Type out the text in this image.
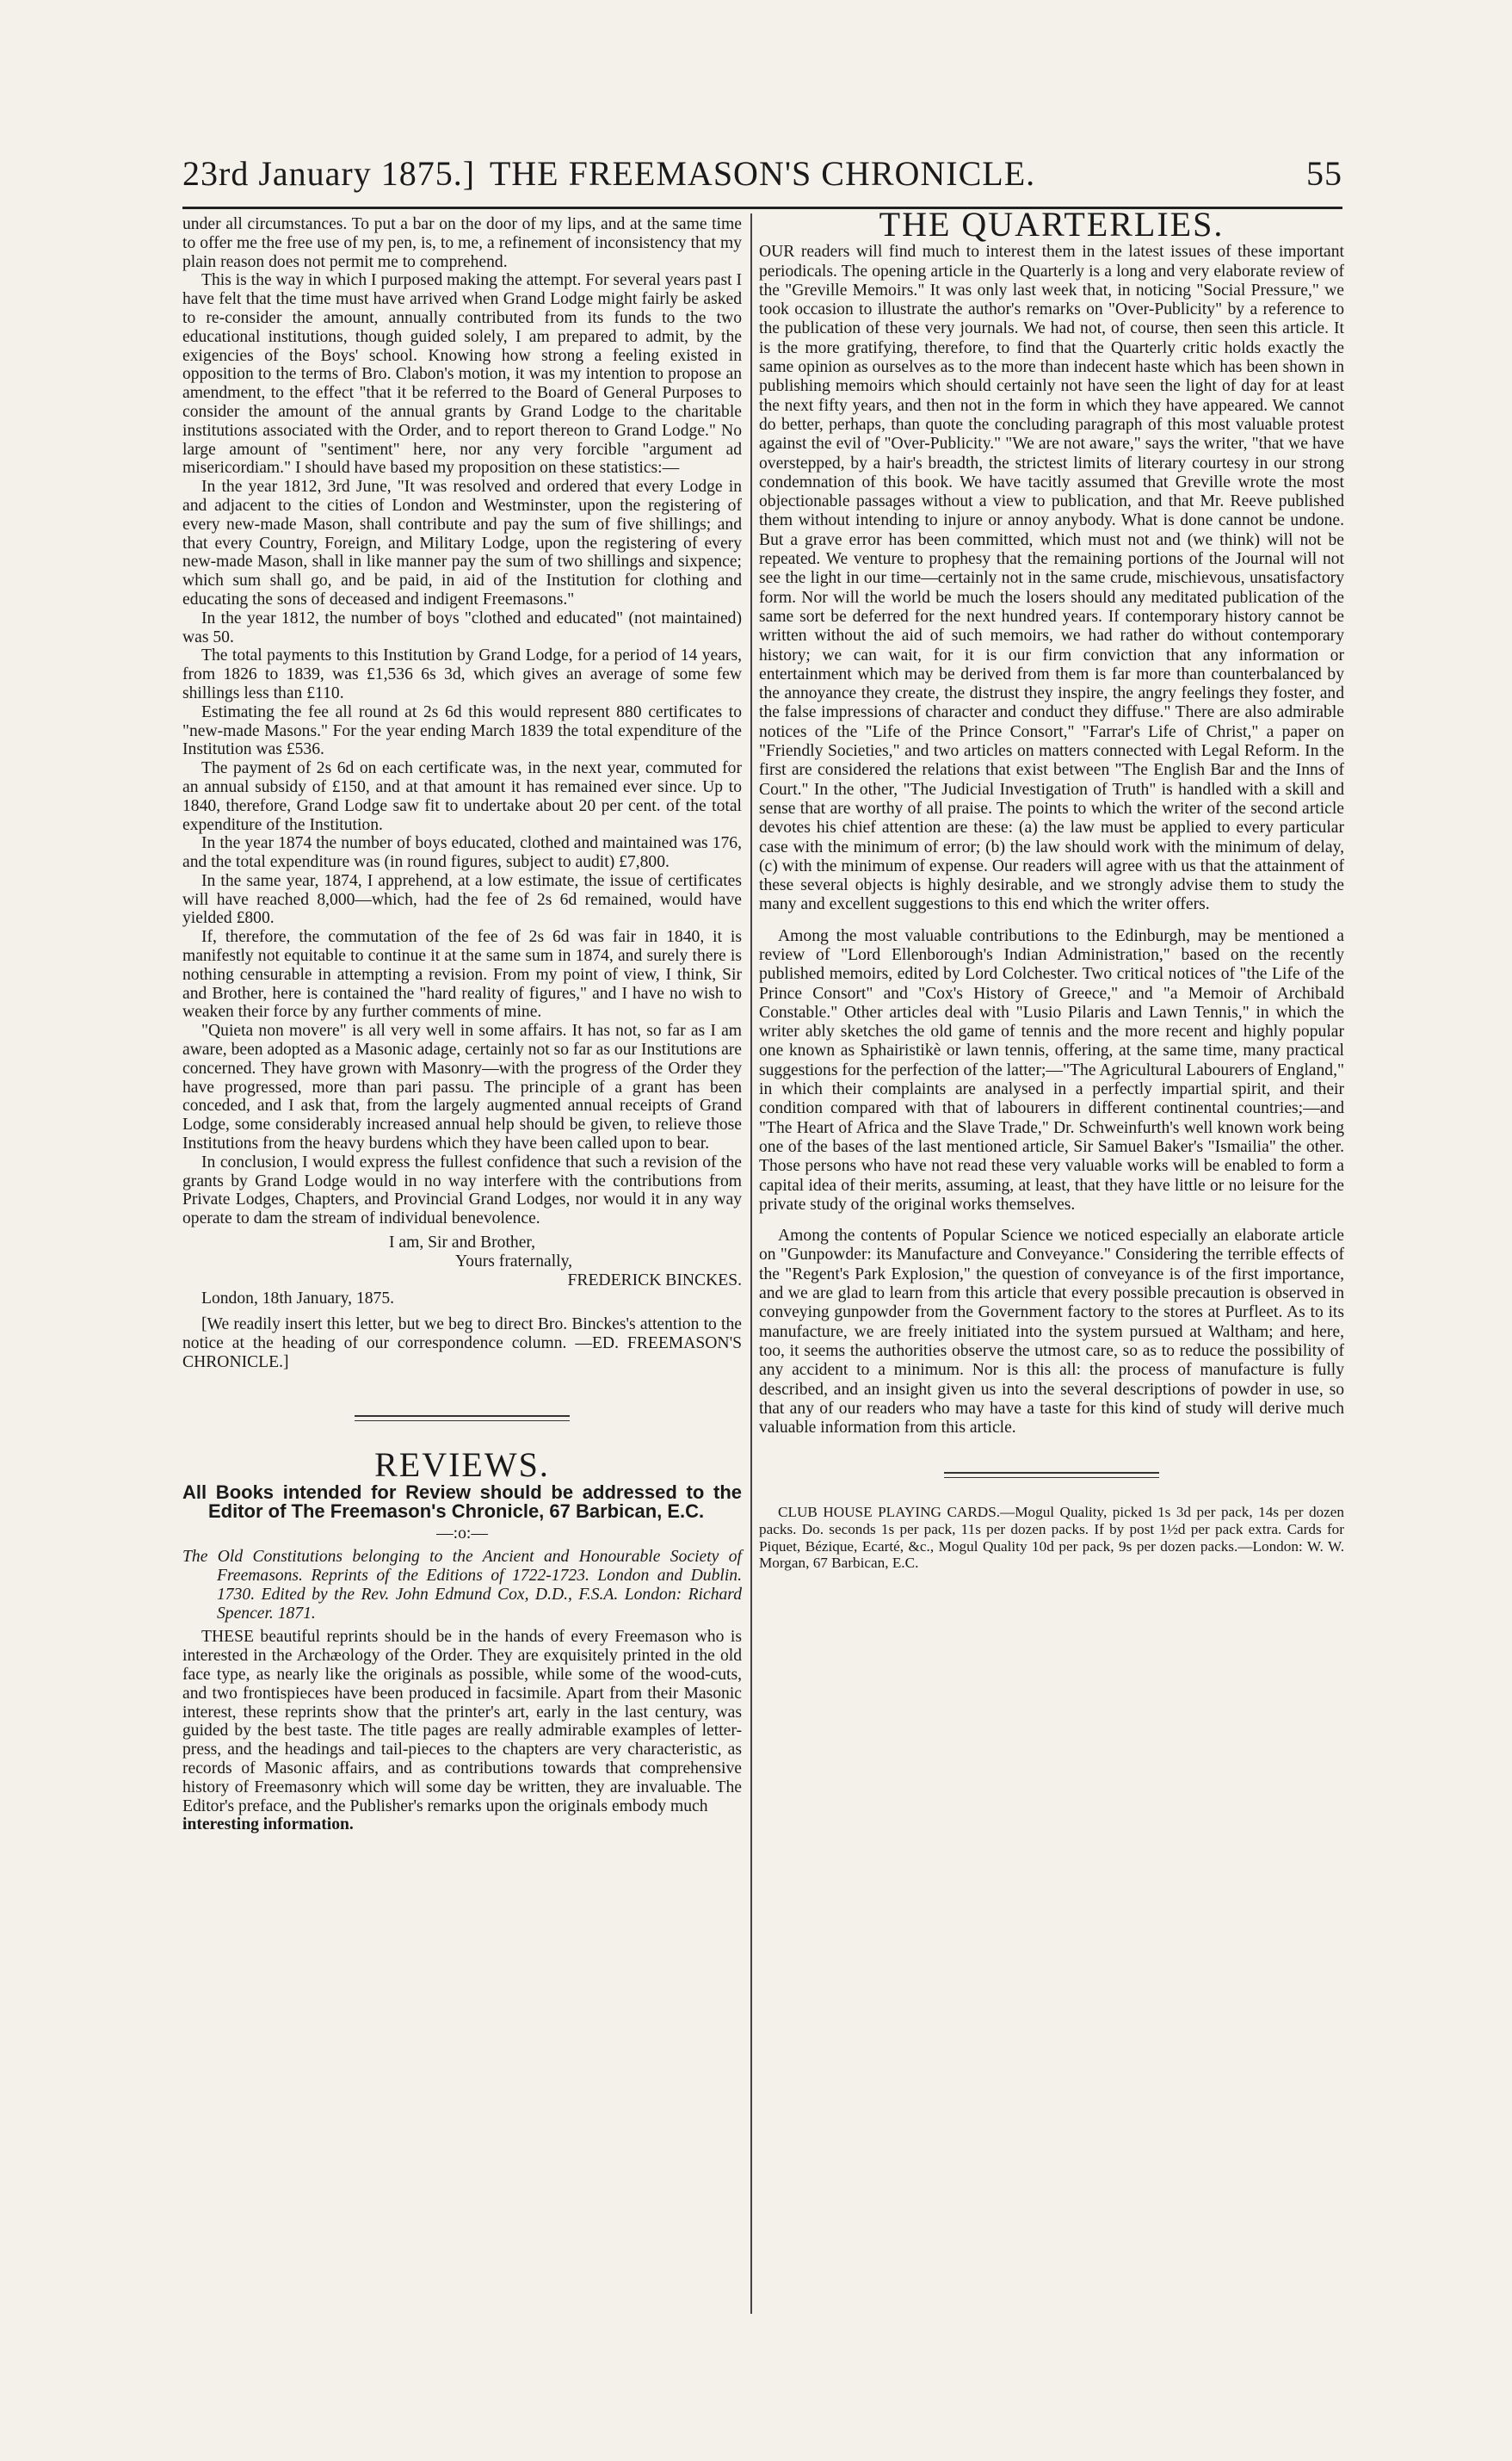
23rd January 1875.] THE FREEMASON'S CHRONICLE.	55

under all circumstances. To put a bar on the door of my lips, and at the same time to offer me the free use of my pen, is, to me, a refinement of inconsistency that my plain reason does not permit me to comprehend.

This is the way in which I purposed making the attempt. For several years past I have felt that the time must have arrived when Grand Lodge might fairly be asked to re-consider the amount, annually contributed from its funds to the two educational institutions, though guided solely, I am prepared to admit, by the exigencies of the Boys' school. Knowing how strong a feeling existed in opposition to the terms of Bro. Clabon's motion, it was my intention to propose an amendment, to the effect "that it be referred to the Board of General Purposes to consider the amount of the annual grants by Grand Lodge to the charitable institutions associated with the Order, and to report thereon to Grand Lodge." No large amount of "sentiment" here, nor any very forcible "argument ad misericordiam." I should have based my proposition on these statistics:—

In the year 1812, 3rd June, "It was resolved and ordered that every Lodge in and adjacent to the cities of London and Westminster, upon the registering of every new-made Mason, shall contribute and pay the sum of five shillings; and that every Country, Foreign, and Military Lodge, upon the registering of every new-made Mason, shall in like manner pay the sum of two shillings and sixpence; which sum shall go, and be paid, in aid of the Institution for clothing and educating the sons of deceased and indigent Freemasons."

In the year 1812, the number of boys "clothed and educated" (not maintained) was 50.

The total payments to this Institution by Grand Lodge, for a period of 14 years, from 1826 to 1839, was £1,536 6s 3d, which gives an average of some few shillings less than £110.

Estimating the fee all round at 2s 6d this would represent 880 certificates to "new-made Masons." For the year ending March 1839 the total expenditure of the Institution was £536.

The payment of 2s 6d on each certificate was, in the next year, commuted for an annual subsidy of £150, and at that amount it has remained ever since. Up to 1840, therefore, Grand Lodge saw fit to undertake about 20 per cent. of the total expenditure of the Institution.

In the year 1874 the number of boys educated, clothed and maintained was 176, and the total expenditure was (in round figures, subject to audit) £7,800.

In the same year, 1874, I apprehend, at a low estimate, the issue of certificates will have reached 8,000—which, had the fee of 2s 6d remained, would have yielded £800.

If, therefore, the commutation of the fee of 2s 6d was fair in 1840, it is manifestly not equitable to continue it at the same sum in 1874, and surely there is nothing censurable in attempting a revision. From my point of view, I think, Sir and Brother, here is contained the "hard reality of figures," and I have no wish to weaken their force by any further comments of mine.

"Quieta non movere" is all very well in some affairs. It has not, so far as I am aware, been adopted as a Masonic adage, certainly not so far as our Institutions are concerned. They have grown with Masonry—with the progress of the Order they have progressed, more than pari passu. The principle of a grant has been conceded, and I ask that, from the largely augmented annual receipts of Grand Lodge, some considerably increased annual help should be given, to relieve those Institutions from the heavy burdens which they have been called upon to bear.

In conclusion, I would express the fullest confidence that such a revision of the grants by Grand Lodge would in no way interfere with the contributions from Private Lodges, Chapters, and Provincial Grand Lodges, nor would it in any way operate to dam the stream of individual benevolence.

I am, Sir and Brother,

Yours fraternally,

FREDERICK BINCKES.

London, 18th January, 1875.

[We readily insert this letter, but we beg to direct Bro. Binckes's attention to the notice at the heading of our correspondence column. —ED. FREEMASON'S CHRONICLE.]

REVIEWS.

All Books intended for Review should be addressed to the Editor of The Freemason's Chronicle, 67 Barbican, E.C.

—:o:—

The Old Constitutions belonging to the Ancient and Honourable Society of Freemasons. Reprints of the Editions of 1722-1723. London and Dublin. 1730. Edited by the Rev. John Edmund Cox, D.D., F.S.A. London: Richard Spencer. 1871.

THESE beautiful reprints should be in the hands of every Freemason who is interested in the Archæology of the Order. They are exquisitely printed in the old face type, as nearly like the originals as possible, while some of the wood-cuts, and two frontispieces have been produced in facsimile. Apart from their Masonic interest, these reprints show that the printer's art, early in the last century, was guided by the best taste. The title pages are really admirable examples of letter-press, and the headings and tail-pieces to the chapters are very characteristic, as records of Masonic affairs, and as contributions towards that comprehensive history of Freemasonry which will some day be written, they are invaluable. The Editor's preface, and the Publisher's remarks upon the originals embody much

interesting information.

THE QUARTERLIES.

OUR readers will find much to interest them in the latest issues of these important periodicals. The opening article in the Quarterly is a long and very elaborate review of the "Greville Memoirs." It was only last week that, in noticing "Social Pressure," we took occasion to illustrate the author's remarks on "Over-Publicity" by a reference to the publication of these very journals. We had not, of course, then seen this article. It is the more gratifying, therefore, to find that the Quarterly critic holds exactly the same opinion as ourselves as to the more than indecent haste which has been shown in publishing memoirs which should certainly not have seen the light of day for at least the next fifty years, and then not in the form in which they have appeared. We cannot do better, perhaps, than quote the concluding paragraph of this most valuable protest against the evil of "Over-Publicity." "We are not aware," says the writer, "that we have overstepped, by a hair's breadth, the strictest limits of literary courtesy in our strong condemnation of this book. We have tacitly assumed that Greville wrote the most objectionable passages without a view to publication, and that Mr. Reeve published them without intending to injure or annoy anybody. What is done cannot be undone. But a grave error has been committed, which must not and (we think) will not be repeated. We venture to prophesy that the remaining portions of the Journal will not see the light in our time—certainly not in the same crude, mischievous, unsatisfactory form. Nor will the world be much the losers should any meditated publication of the same sort be deferred for the next hundred years. If contemporary history cannot be written without the aid of such memoirs, we had rather do without contemporary history; we can wait, for it is our firm conviction that any information or entertainment which may be derived from them is far more than counterbalanced by the annoyance they create, the distrust they inspire, the angry feelings they foster, and the false impressions of character and conduct they diffuse." There are also admirable notices of the "Life of the Prince Consort," "Farrar's Life of Christ," a paper on "Friendly Societies," and two articles on matters connected with Legal Reform. In the first are considered the relations that exist between "The English Bar and the Inns of Court." In the other, "The Judicial Investigation of Truth" is handled with a skill and sense that are worthy of all praise. The points to which the writer of the second article devotes his chief attention are these: (a) the law must be applied to every particular case with the minimum of error; (b) the law should work with the minimum of delay, (c) with the minimum of expense. Our readers will agree with us that the attainment of these several objects is highly desirable, and we strongly advise them to study the many and excellent suggestions to this end which the writer offers.

Among the most valuable contributions to the Edinburgh, may be mentioned a review of "Lord Ellenborough's Indian Administration," based on the recently published memoirs, edited by Lord Colchester. Two critical notices of "the Life of the Prince Consort" and "Cox's History of Greece," and "a Memoir of Archibald Constable." Other articles deal with "Lusio Pilaris and Lawn Tennis," in which the writer ably sketches the old game of tennis and the more recent and highly popular one known as Sphairistikè or lawn tennis, offering, at the same time, many practical suggestions for the perfection of the latter;—"The Agricultural Labourers of England," in which their complaints are analysed in a perfectly impartial spirit, and their condition compared with that of labourers in different continental countries;—and "The Heart of Africa and the Slave Trade," Dr. Schweinfurth's well known work being one of the bases of the last mentioned article, Sir Samuel Baker's "Ismailia" the other. Those persons who have not read these very valuable works will be enabled to form a capital idea of their merits, assuming, at least, that they have little or no leisure for the private study of the original works themselves.

Among the contents of Popular Science we noticed especially an elaborate article on "Gunpowder: its Manufacture and Conveyance." Considering the terrible effects of the "Regent's Park Explosion," the question of conveyance is of the first importance, and we are glad to learn from this article that every possible precaution is observed in conveying gunpowder from the Government factory to the stores at Purfleet. As to its manufacture, we are freely initiated into the system pursued at Waltham; and here, too, it seems the authorities observe the utmost care, so as to reduce the possibility of any accident to a minimum. Nor is this all: the process of manufacture is fully described, and an insight given us into the several descriptions of powder in use, so that any of our readers who may have a taste for this kind of study will derive much valuable information from this article.

CLUB HOUSE PLAYING CARDS.—Mogul Quality, picked 1s 3d per pack, 14s per dozen packs. Do. seconds 1s per pack, 11s per dozen packs. If by post 1½d per pack extra. Cards for Piquet, Bézique, Ecarté, &c., Mogul Quality 10d per pack, 9s per dozen packs.—London: W. W. Morgan, 67 Barbican, E.C.
